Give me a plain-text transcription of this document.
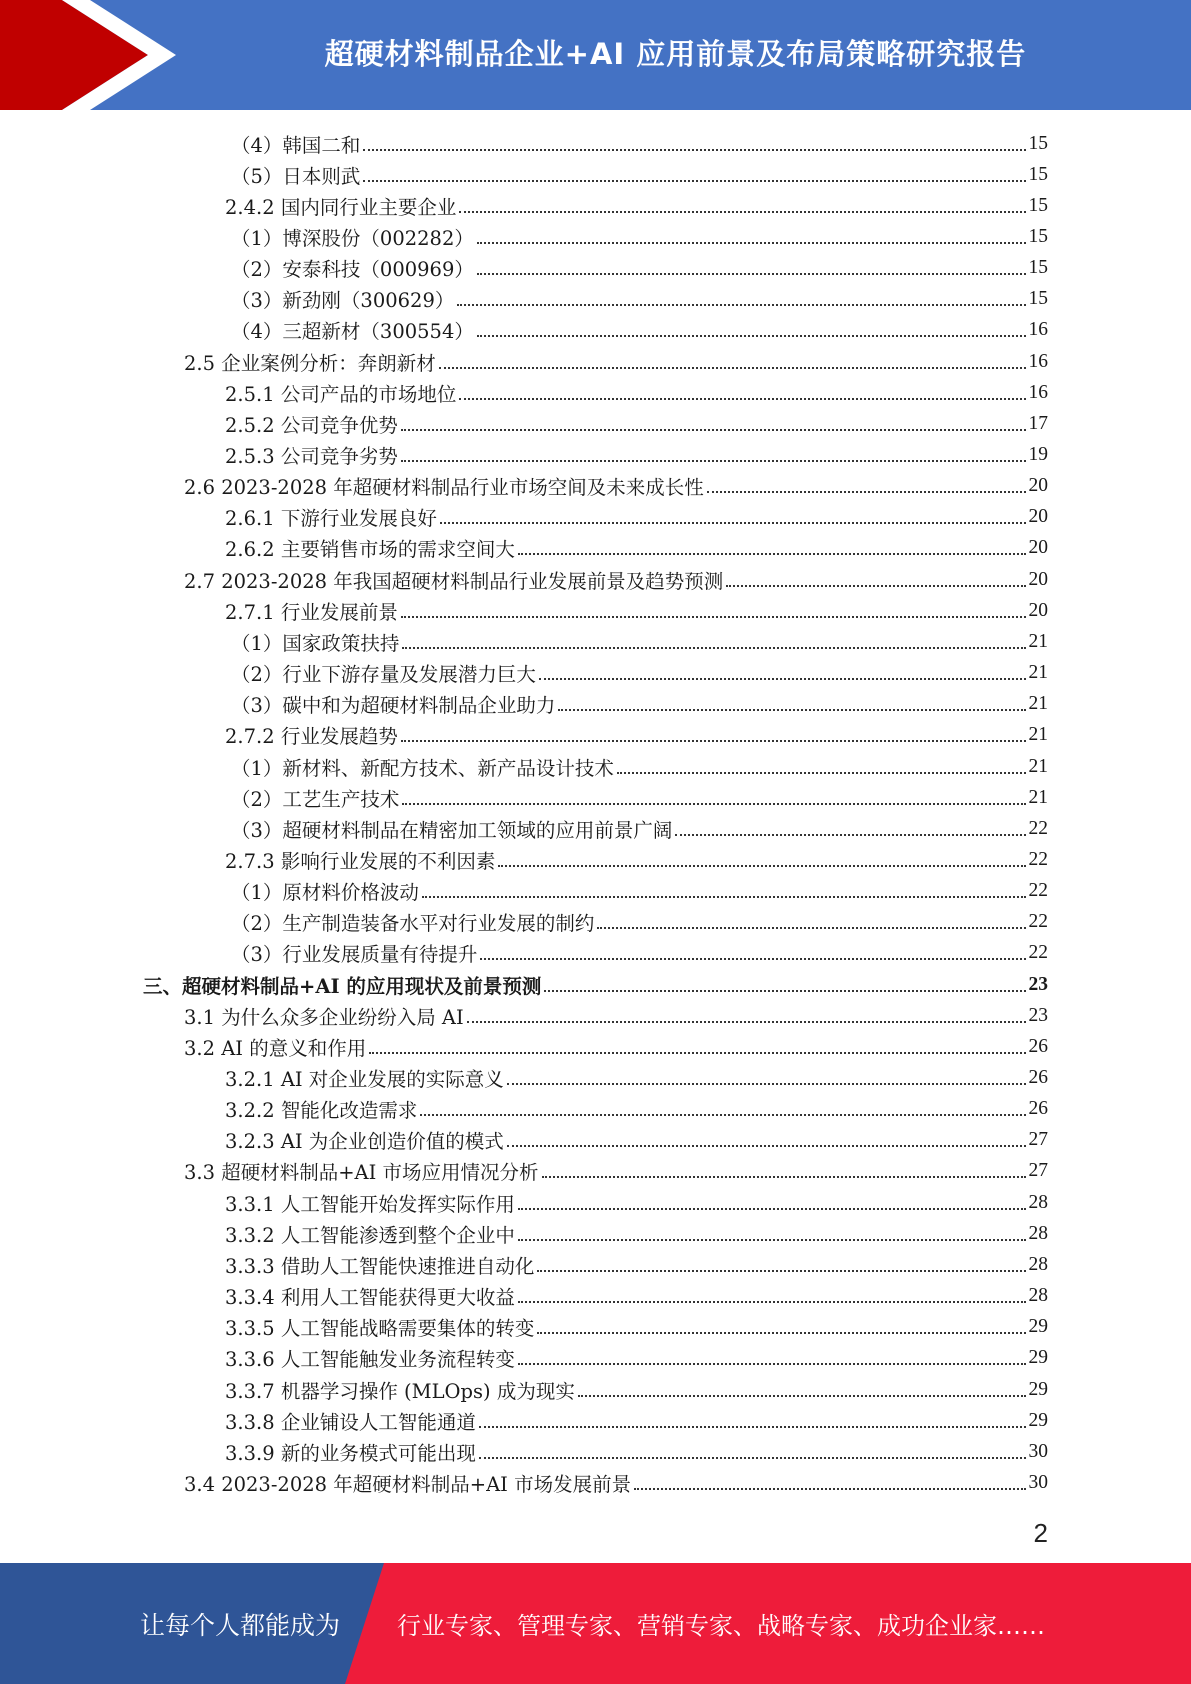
超硬材料制品企业+AI 应用前景及布局策略研究报告
（4）韩国二和	15
（5）日本则武	15
2.4.2 国内同行业主要企业	15
（1）博深股份（002282）	15
（2）安泰科技（000969）	15
（3）新劲刚（300629）	15
（4）三超新材（300554）	16
2.5 企业案例分析：奔朗新材	16
2.5.1 公司产品的市场地位	16
2.5.2 公司竞争优势	17
2.5.3 公司竞争劣势	19
2.6 2023-2028 年超硬材料制品行业市场空间及未来成长性	20
2.6.1 下游行业发展良好	20
2.6.2 主要销售市场的需求空间大	20
2.7 2023-2028 年我国超硬材料制品行业发展前景及趋势预测	20
2.7.1 行业发展前景	20
（1）国家政策扶持	21
（2）行业下游存量及发展潜力巨大	21
（3）碳中和为超硬材料制品企业助力	21
2.7.2 行业发展趋势	21
（1）新材料、新配方技术、新产品设计技术	21
（2）工艺生产技术	21
（3）超硬材料制品在精密加工领域的应用前景广阔	22
2.7.3 影响行业发展的不利因素	22
（1）原材料价格波动	22
（2）生产制造装备水平对行业发展的制约	22
（3）行业发展质量有待提升	22
三、超硬材料制品+AI 的应用现状及前景预测	23
3.1 为什么众多企业纷纷入局 AI	23
3.2 AI 的意义和作用	26
3.2.1 AI 对企业发展的实际意义	26
3.2.2 智能化改造需求	26
3.2.3 AI 为企业创造价值的模式	27
3.3 超硬材料制品+AI 市场应用情况分析	27
3.3.1 人工智能开始发挥实际作用	28
3.3.2 人工智能渗透到整个企业中	28
3.3.3 借助人工智能快速推进自动化	28
3.3.4 利用人工智能获得更大收益	28
3.3.5 人工智能战略需要集体的转变	29
3.3.6 人工智能触发业务流程转变	29
3.3.7 机器学习操作 (MLOps) 成为现实	29
3.3.8 企业铺设人工智能通道	29
3.3.9 新的业务模式可能出现	30
3.4 2023-2028 年超硬材料制品+AI 市场发展前景	30
2
让每个人都能成为 行业专家、管理专家、营销专家、战略专家、成功企业家……
